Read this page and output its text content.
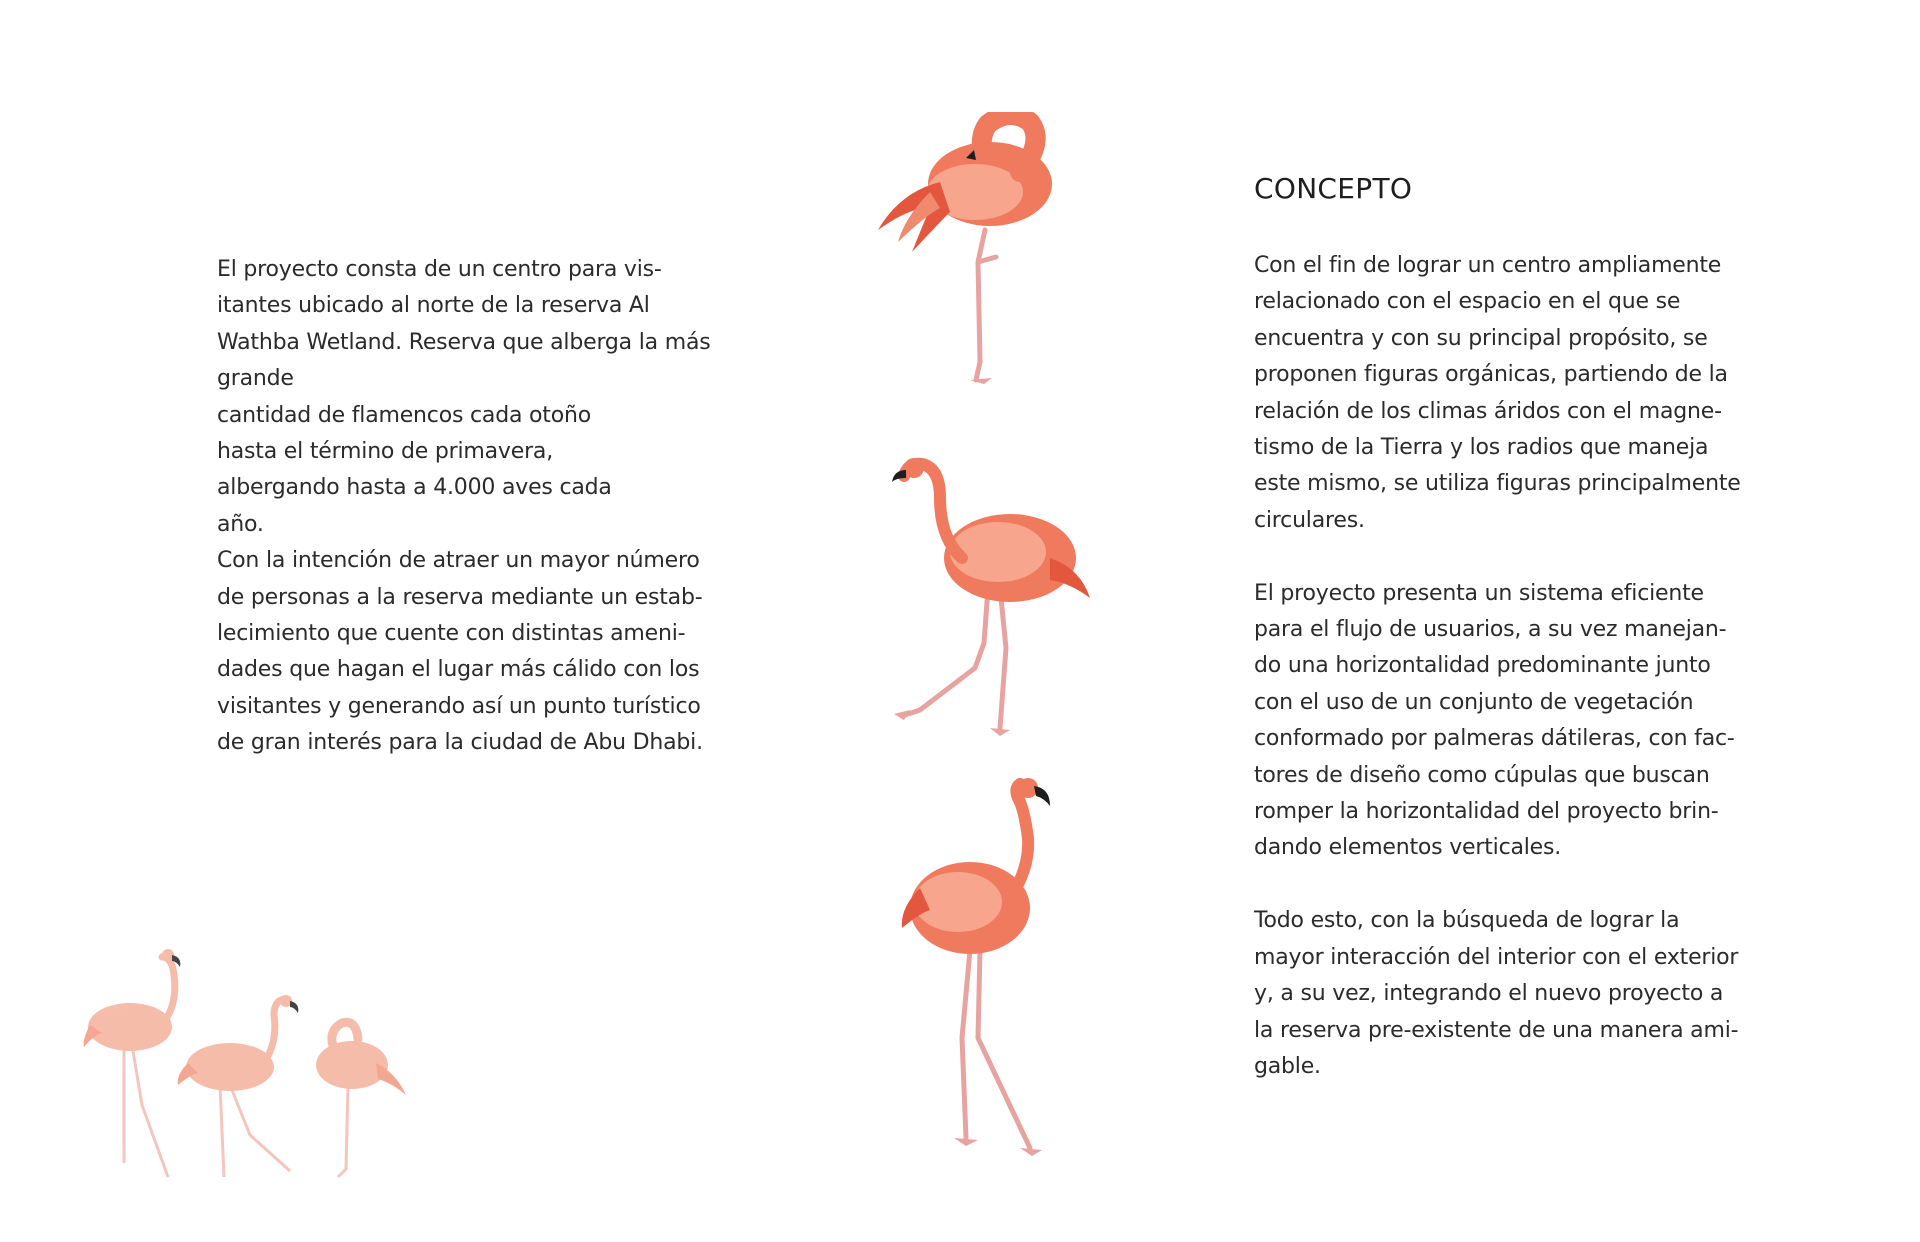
El proyecto consta de un centro para vis-
itantes ubicado al norte de la reserva Al
Wathba Wetland. Reserva que alberga la más
grande
cantidad de flamencos cada otoño
hasta el término de primavera,
albergando hasta a 4.000 aves cada
año.
Con la intención de atraer un mayor número
de personas a la reserva mediante un estab-
lecimiento que cuente con distintas ameni-
dades que hagan el lugar más cálido con los
visitantes y generando así un punto turístico
de gran interés para la ciudad de Abu Dhabi.
CONCEPTO
Con el fin de lograr un centro ampliamente
relacionado con el espacio en el que se
encuentra y con su principal propósito, se
proponen figuras orgánicas, partiendo de la
relación de los climas áridos con el magne-
tismo de la Tierra y los radios que maneja
este mismo, se utiliza figuras principalmente
circulares.
El proyecto presenta un sistema eficiente
para el flujo de usuarios, a su vez manejan-
do una horizontalidad predominante junto
con el uso de un conjunto de vegetación
conformado por palmeras dátileras, con fac-
tores de diseño como cúpulas que buscan
romper la horizontalidad del proyecto brin-
dando elementos verticales.
Todo esto, con la búsqueda de lograr la
mayor interacción del interior con el exterior
y, a su vez, integrando el nuevo proyecto a
la reserva pre-existente de una manera ami-
gable.
